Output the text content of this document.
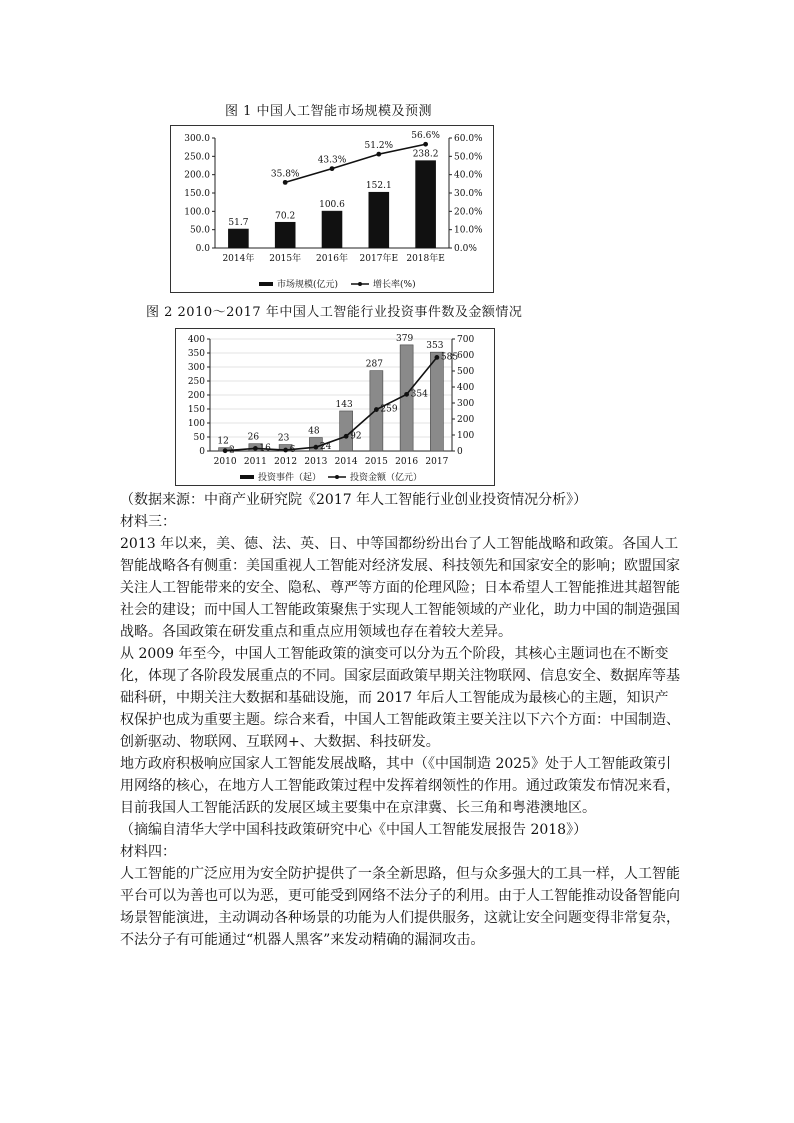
图 1 中国人工智能市场规模及预测
0.0
50.0
100.0
150.0
200.0
250.0
300.0
0.0%
10.0%
20.0%
30.0%
40.0%
50.0%
60.0%
2014年 2015年 2016年 2017年E 2018年E
51.7
70.2
100.6
152.1
238.2
35.8%
43.3%
51.2%
56.6%
市场规模(亿元)	增长率(%)
图 2 2010～2017 年中国人工智能行业投资事件数及金额情况
0
50
100
150
200
250
300
350
400
0
100
200
300
400
500
600
700
2010 2011 2012 2013 2014 2015 2016 2017
12 26 23
48
143
287
379
353
2	16 6	24
92
259
354
585
投资事件（起）	投资金额（亿元）

（数据来源：中商产业研究院《2017 年人工智能行业创业投资情况分析》）

材料三：

2013 年以来，美、德、法、英、日、中等国都纷纷出台了人工智能战略和政策。各国人工智能战略各有侧重：美国重视人工智能对经济发展、科技领先和国家安全的影响；欧盟国家关注人工智能带来的安全、隐私、尊严等方面的伦理风险；日本希望人工智能推进其超智能社会的建设；而中国人工智能政策聚焦于实现人工智能领域的产业化，助力中国的制造强国战略。各国政策在研发重点和重点应用领域也存在着较大差异。

从 2009 年至今，中国人工智能政策的演变可以分为五个阶段，其核心主题词也在不断变化，体现了各阶段发展重点的不同。国家层面政策早期关注物联网、信息安全、数据库等基础科研，中期关注大数据和基础设施，而 2017 年后人工智能成为最核心的主题，知识产权保护也成为重要主题。综合来看，中国人工智能政策主要关注以下六个方面：中国制造、创新驱动、物联网、互联网+、大数据、科技研发。

地方政府积极响应国家人工智能发展战略，其中（《中国制造 2025》处于人工智能政策引用网络的核心，在地方人工智能政策过程中发挥着纲领性的作用。通过政策发布情况来看，目前我国人工智能活跃的发展区域主要集中在京津冀、长三角和粤港澳地区。

（摘编自清华大学中国科技政策研究中心《中国人工智能发展报告 2018》）

材料四：

人工智能的广泛应用为安全防护提供了一条全新思路，但与众多强大的工具一样，人工智能平台可以为善也可以为恶，更可能受到网络不法分子的利用。由于人工智能推动设备智能向场景智能演进，主动调动各种场景的功能为人们提供服务，这就让安全问题变得非常复杂，不法分子有可能通过“机器人黑客”来发动精确的漏洞攻击。
